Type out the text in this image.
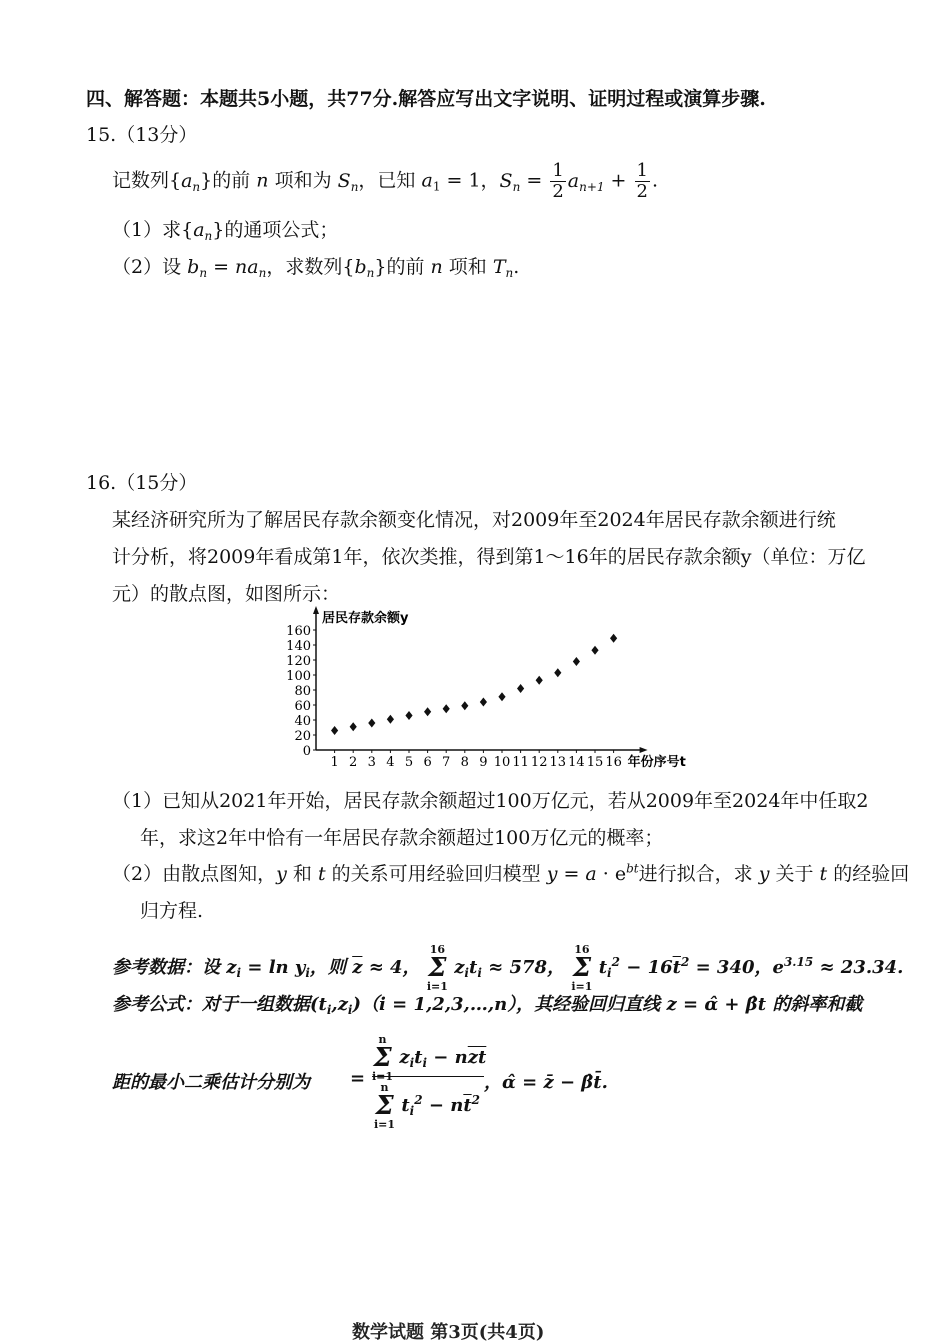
四、解答题：本题共5小题，共77分.解答应写出文字说明、证明过程或演算步骤.
15.（13分）
记数列$\{a_n\}$的前 n 项和为 $S_n$，已知 $a_1 = 1$，$S_n = \frac{1}{2} a_{n+1} + \frac{1}{2}$ .
（1）求$\{a_n\}$的通项公式；
（2）设 $b_n = na_n$，求数列$\{b_n\}$的前 n 项和 $T_n$.
16.（15分）
某经济研究所为了解居民存款余额变化情况，对2009年至2024年居民存款余额进行统
计分析，将2009年看成第1年，依次类推，得到第1～16年的居民存款余额y（单位：万亿
元）的散点图，如图所示：
0
20
40
60
80
100
120
140
160
1 2 3 4 5 6 7 8 9 10 11 12 13 14 15 16
居民存款余额y
年份序号t
（1）已知从2021年开始，居民存款余额超过100万亿元，若从2009年至2024年中任取2
年，求这2年中恰有一年居民存款余额超过100万亿元的概率；
（2）由散点图知，y 和 t 的关系可用经验回归模型 $y = a \cdot e^{bt}$进行拟合，求 y 关于 t 的经验回
归方程.
参考数据：设 $z_i = \ln y_i$，则 $\overline{z} \approx 4$，
16
Σ
i=1
$z_it_i \approx 578$，
16
Σ
i=1
$t_i^2 - 16\overline{t}^2 = 340$，$e^{3.15} \approx 23.34$.
参考公式：对于一组数据$(t_i,z_i)(i$ = 1,2,3,…,n），其经验回归直线 z = α̂ + β̂t 的斜率和截
距的最小二乘估计分别为 =
n
Σ
i=1
$z_it_i - n\overline{z}\overline{t}$
n
Σ
i=1
$t_i^2 - n\overline{t}^2$
，α̂ = z̄ − β̂t̄.
数学试题 第3页(共4页)
